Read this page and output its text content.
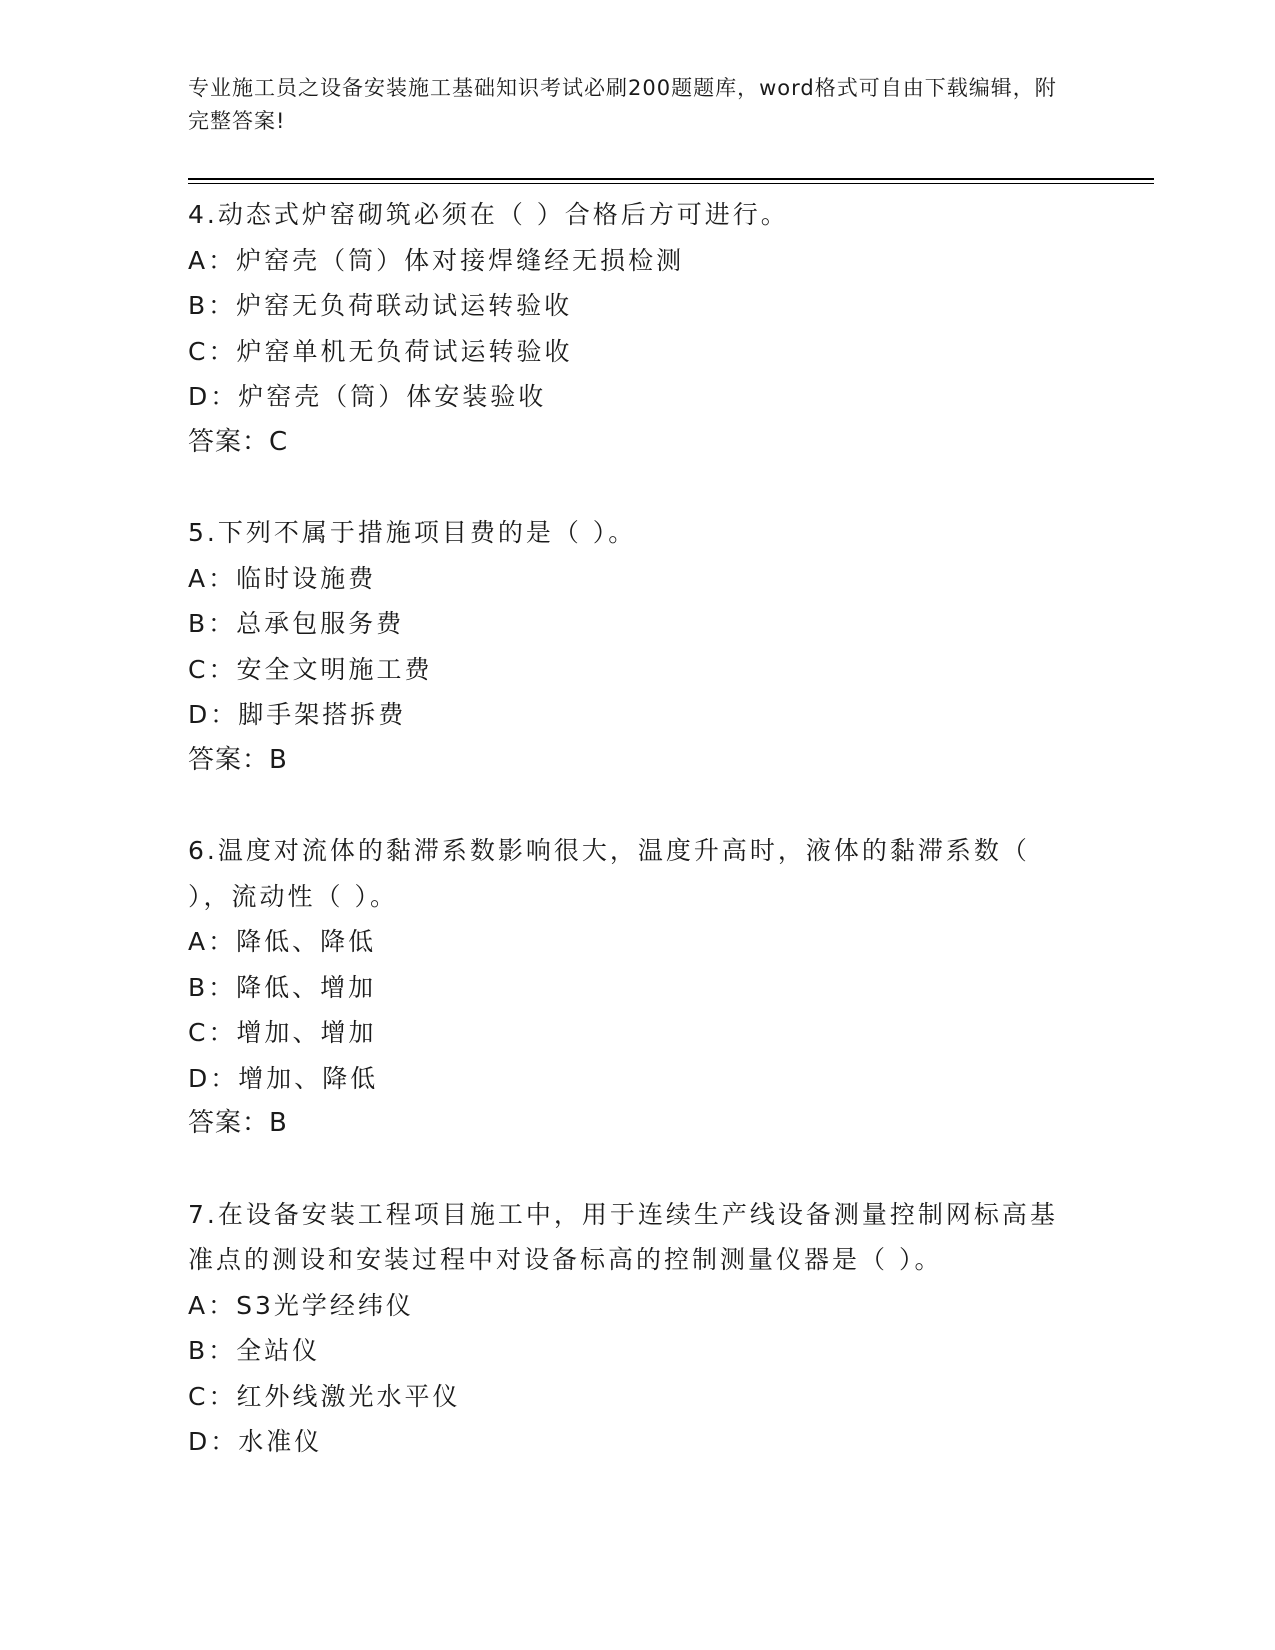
专业施工员之设备安装施工基础知识考试必刷200题题库，word格式可自由下载编辑，附完整答案!

4.动态式炉窑砌筑必须在（ ）合格后方可进行。

A：炉窑壳（筒）体对接焊缝经无损检测

B：炉窑无负荷联动试运转验收

C：炉窑单机无负荷试运转验收

D：炉窑壳（筒）体安装验收

答案：C

5.下列不属于措施项目费的是（ ）。

A：临时设施费

B：总承包服务费

C：安全文明施工费

D：脚手架搭拆费

答案：B

6.温度对流体的黏滞系数影响很大，温度升高时，液体的黏滞系数（ ），流动性（ ）。

A：降低、降低

B：降低、增加

C：增加、增加

D：增加、降低

答案：B

7.在设备安装工程项目施工中，用于连续生产线设备测量控制网标高基准点的测设和安装过程中对设备标高的控制测量仪器是（ ）。

A：S3光学经纬仪

B：全站仪

C：红外线激光水平仪

D：水准仪
